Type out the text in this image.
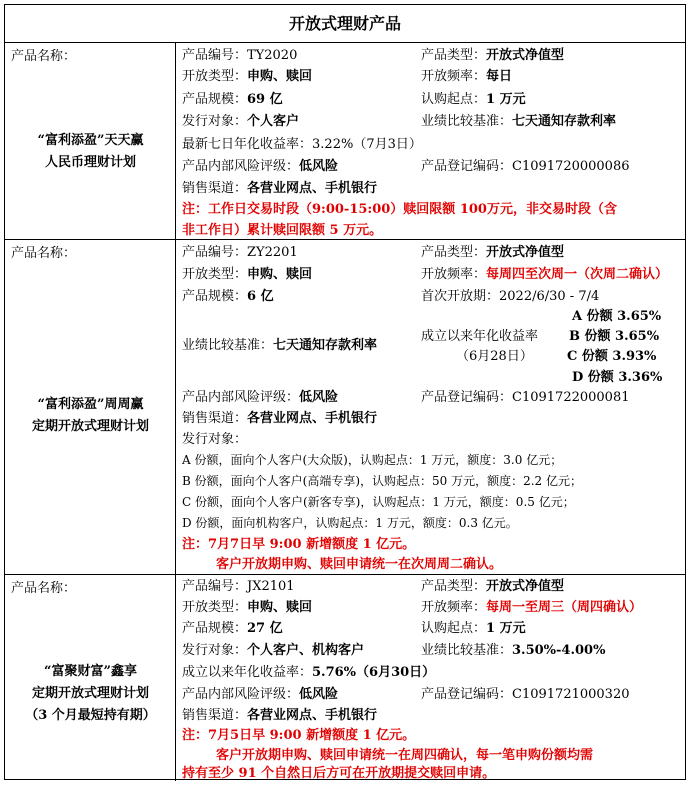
开放式理财产品
产品名称：
“富利添盈”天天赢
人民币理财计划
产品编号：TY2020	产品类型：开放式净值型
开放类型：申购、赎回	开放频率：每日
产品规模：69 亿	认购起点：1 万元
发行对象：个人客户	业绩比较基准：七天通知存款利率
最新七日年化收益率：3.22%（7月3日）
产品内部风险评级：低风险	产品登记编码：C1091720000086
销售渠道：各营业网点、手机银行
注：工作日交易时段（9:00-15:00）赎回限额 100万元，非交易时段（含
非工作日）累计赎回限额 5 万元。
产品名称：
“富利添盈”周周赢
定期开放式理财计划
产品编号：ZY2201	产品类型：开放式净值型
开放类型：申购、赎回	开放频率：每周四至次周一（次周二确认）
产品规模：6 亿	首次开放期：2022/6/30 - 7/4
业绩比较基准：七天通知存款利率
成立以来年化收益率
（6月28日）
A 份额 3.65%
B 份额 3.65%
C 份额 3.93%
D 份额 3.36%
产品内部风险评级：低风险	产品登记编码：C1091722000081
销售渠道：各营业网点、手机银行
发行对象：
A 份额，面向个人客户(大众版)，认购起点：1 万元，额度：3.0 亿元；
B 份额，面向个人客户(高端专享)，认购起点：50 万元，额度：2.2 亿元；
C 份额，面向个人客户(新客专享)，认购起点：1 万元，额度：0.5 亿元；
D 份额，面向机构客户，认购起点：1 万元，额度：0.3 亿元。
注：7月7日早 9:00 新增额度 1 亿元。
客户开放期申购、赎回申请统一在次周周二确认。
产品名称：
“富聚财富”鑫享
定期开放式理财计划
（3 个月最短持有期）
产品编号：JX2101	产品类型：开放式净值型
开放类型：申购、赎回	开放频率：每周一至周三（周四确认）
产品规模：27 亿	认购起点：1 万元
发行对象：个人客户、机构客户	业绩比较基准：3.50%-4.00%
成立以来年化收益率：5.76%（6月30日）
产品内部风险评级：低风险	产品登记编码：C1091721000320
销售渠道：各营业网点、手机银行
注：7月5日早 9:00 新增额度 1 亿元。
客户开放期申购、赎回申请统一在周四确认，每一笔申购份额均需
持有至少 91 个自然日后方可在开放期提交赎回申请。
